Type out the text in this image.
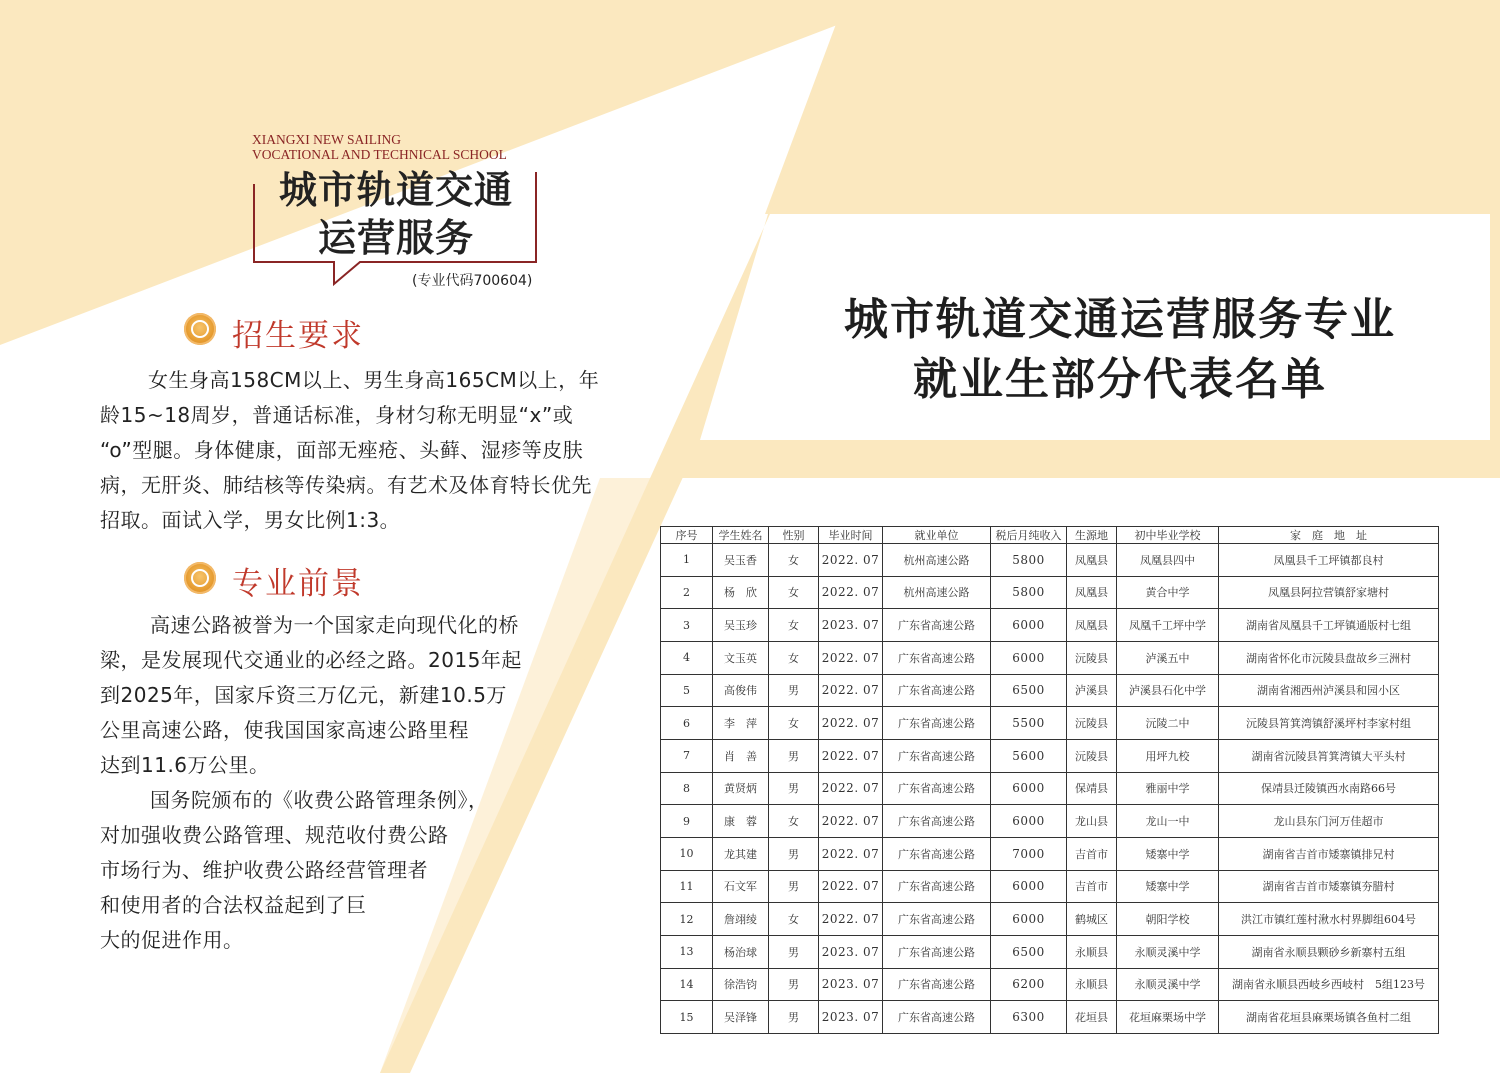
XIANGXI NEW SAILING
VOCATIONAL AND TECHNICAL SCHOOL
城市轨道交通
运营服务
(专业代码700604)
招生要求
女生身高158CM以上、男生身高165CM以上，年
龄15~18周岁，普通话标准，身材匀称无明显“x”或
“o”型腿。身体健康，面部无痤疮、头藓、湿疹等皮肤
病，无肝炎、肺结核等传染病。有艺术及体育特长优先
招取。面试入学，男女比例1:3。
专业前景
高速公路被誉为一个国家走向现代化的桥
梁，是发展现代交通业的必经之路。2015年起
到2025年，国家斥资三万亿元，新建10.5万
公里高速公路，使我国国家高速公路里程
达到11.6万公里。
国务院颁布的《收费公路管理条例》，
对加强收费公路管理、规范收付费公路
市场行为、维护收费公路经营管理者
和使用者的合法权益起到了巨
大的促进作用。
城市轨道交通运营服务专业
就业生部分代表名单
序号	学生姓名	性别	毕业时间	就业单位	税后月纯收入	生源地	初中毕业学校	家　庭　地　址
1	吴玉香	女	2022. 07	杭州高速公路	5800	凤凰县	凤凰县四中	凤凰县千工坪镇都良村
2	杨　欣	女	2022. 07	杭州高速公路	5800	凤凰县	黄合中学	凤凰县阿拉营镇舒家塘村
3	吴玉珍	女	2023. 07	广东省高速公路	6000	凤凰县	凤凰千工坪中学	湖南省凤凰县千工坪镇通版村七组
4	文玉英	女	2022. 07	广东省高速公路	6000	沅陵县	泸溪五中	湖南省怀化市沅陵县盘故乡三洲村
5	高俊伟	男	2022. 07	广东省高速公路	6500	泸溪县	泸溪县石化中学	湖南省湘西州泸溪县和园小区
6	李　萍	女	2022. 07	广东省高速公路	5500	沅陵县	沅陵二中	沅陵县筲箕湾镇舒溪坪村李家村组
7	肖　善	男	2022. 07	广东省高速公路	5600	沅陵县	用坪九校	湖南省沅陵县筲箕湾镇大平头村
8	黄贤炳	男	2022. 07	广东省高速公路	6000	保靖县	雅丽中学	保靖县迁陵镇西水南路66号
9	康　蓉	女	2022. 07	广东省高速公路	6000	龙山县	龙山一中	龙山县东门河万佳超市
10	龙其建	男	2022. 07	广东省高速公路	7000	吉首市	矮寨中学	湖南省吉首市矮寨镇排兄村
11	石文军	男	2022. 07	广东省高速公路	6000	吉首市	矮寨中学	湖南省吉首市矮寨镇夯腊村
12	詹翊绫	女	2022. 07	广东省高速公路	6000	鹤城区	朝阳学校	洪江市镇红莲村湫水村界脚组604号
13	杨治球	男	2023. 07	广东省高速公路	6500	永顺县	永顺灵溪中学	湖南省永顺县颗砂乡新寨村五组
14	徐浩钧	男	2023. 07	广东省高速公路	6200	永顺县	永顺灵溪中学	湖南省永顺县西岐乡西岐村　5组123号
15	吴泽锋	男	2023. 07	广东省高速公路	6300	花垣县	花垣麻栗场中学	湖南省花垣县麻栗场镇各鱼村二组
